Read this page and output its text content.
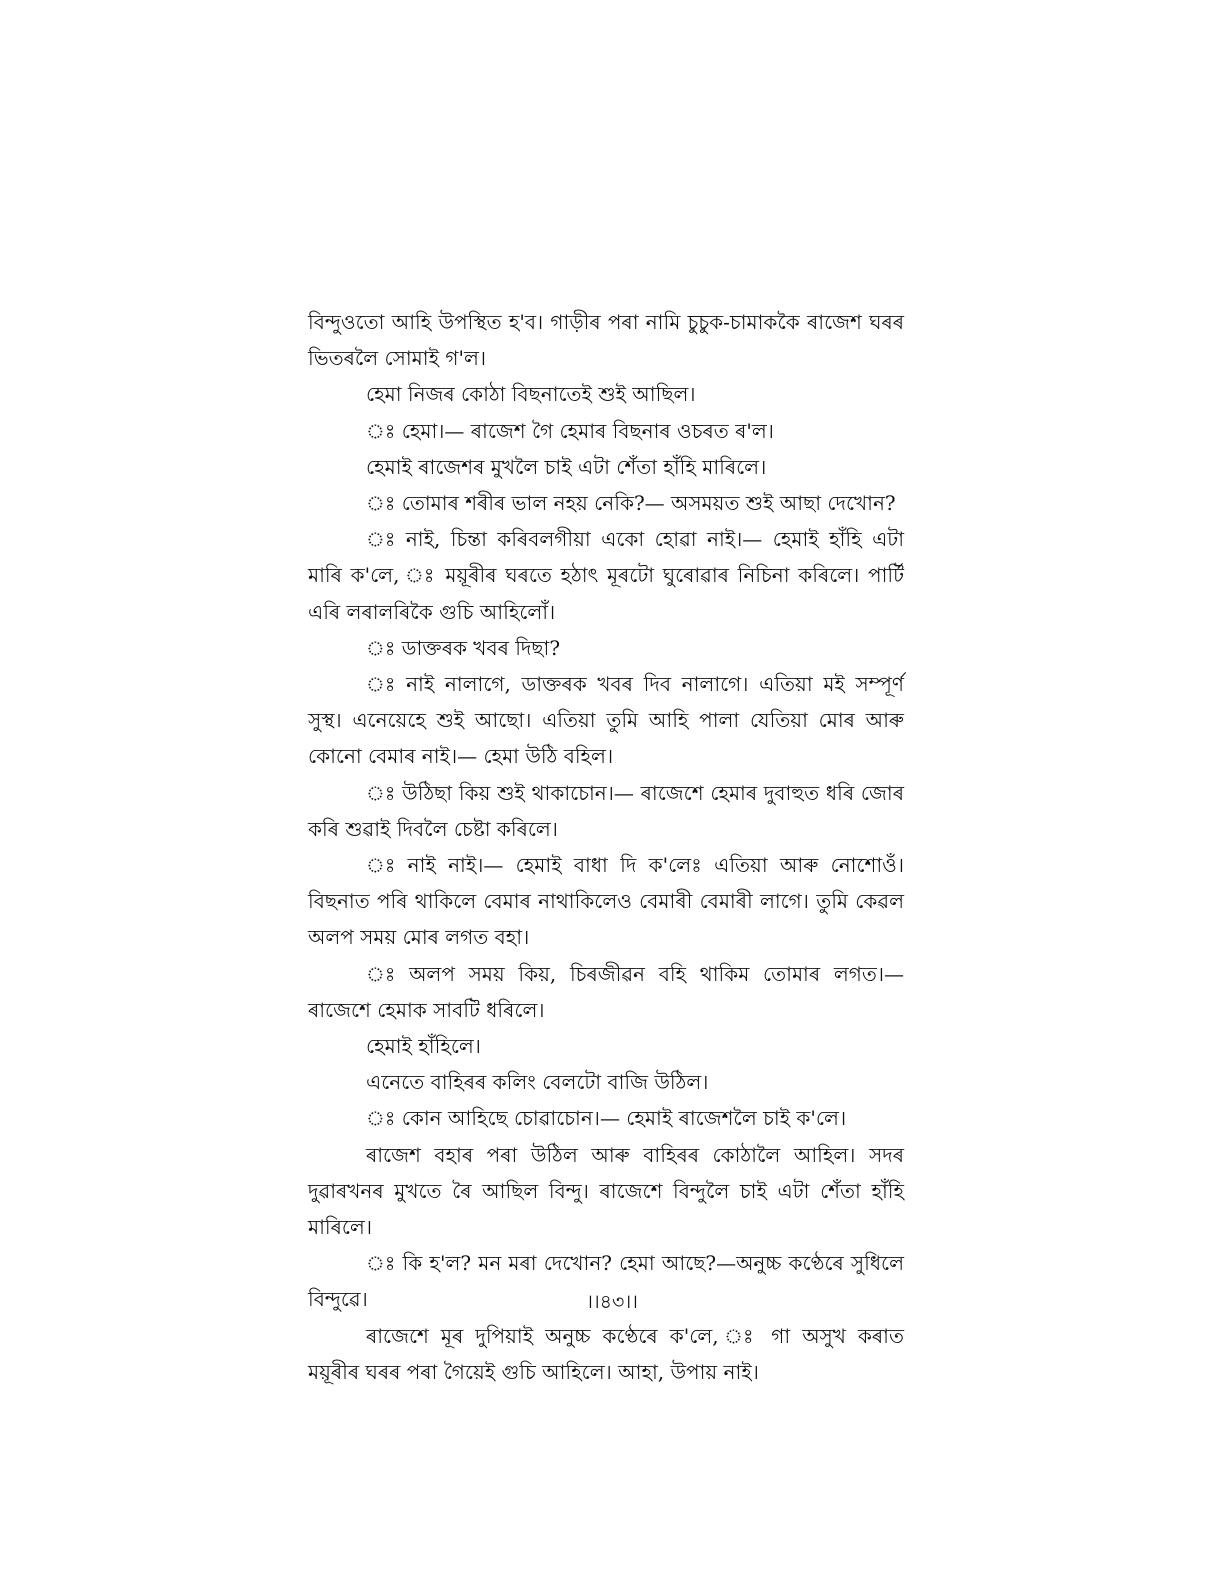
বিন্দুওতো আহি উপস্থিত হ'ব। গাড়ীৰ পৰা নামি চুচুক-চামাককৈ ৰাজেশ ঘৰৰ ভিতৰলৈ সোমাই গ'ল।

হেমা নিজৰ কোঠা বিছনাতেই শুই আছিল।

ঃ হেমা।— ৰাজেশ গৈ হেমাৰ বিছনাৰ ওচৰত ৰ'ল।

হেমাই ৰাজেশৰ মুখলৈ চাই এটা শেঁতা হাঁহি মাৰিলে।

ঃ তোমাৰ শৰীৰ ভাল নহয় নেকি?— অসময়ত শুই আছা দেখোন?

ঃ নাই, চিন্তা কৰিবলগীয়া একো হোৱা নাই।— হেমাই হাঁহি এটা মাৰি ক'লে, ঃ ময়ূৰীৰ ঘৰতে হঠাৎ মূৰটো ঘুৰোৱাৰ নিচিনা কৰিলে। পাৰ্টি এৰি লৰালৰিকৈ গুচি আহিলোঁ।

ঃ ডাক্তৰক খবৰ দিছা?

ঃ নাই নালাগে, ডাক্তৰক খবৰ দিব নালাগে। এতিয়া মই সম্পূৰ্ণ সুস্থ। এনেয়েহে শুই আছো। এতিয়া তুমি আহি পালা যেতিয়া মোৰ আৰু কোনো বেমাৰ নাই।— হেমা উঠি বহিল।

ঃ উঠিছা কিয় শুই থাকাচোন।— ৰাজেশে হেমাৰ দুবাহুত ধৰি জোৰ কৰি শুৱাই দিবলৈ চেষ্টা কৰিলে।

ঃ নাই নাই।— হেমাই বাধা দি ক'লেঃ এতিয়া আৰু নোশোওঁ। বিছনাত পৰি থাকিলে বেমাৰ নাথাকিলেও বেমাৰী বেমাৰী লাগে। তুমি কেৱল অলপ সময় মোৰ লগত বহা।

ঃ অলপ সময় কিয়, চিৰজীৱন বহি থাকিম তোমাৰ লগত।— ৰাজেশে হেমাক সাবটি ধৰিলে।

হেমাই হাঁহিলে।

এনেতে বাহিৰৰ কলিং বেলটো বাজি উঠিল।

ঃ কোন আহিছে চোৱাচোন।— হেমাই ৰাজেশলৈ চাই ক'লে।

ৰাজেশ বহাৰ পৰা উঠিল আৰু বাহিৰৰ কোঠালৈ আহিল। সদৰ দুৱাৰখনৰ মুখতে ৰৈ আছিল বিন্দু। ৰাজেশে বিন্দুলৈ চাই এটা শেঁতা হাঁহি মাৰিলে।

ঃ কি হ'ল? মন মৰা দেখোন? হেমা আছে?—অনুচ্চ কণ্ঠেৰে সুধিলে বিন্দুৱে।

ৰাজেশে মূৰ দুপিয়াই অনুচ্চ কণ্ঠেৰে ক'লে, ঃ গা অসুখ কৰাত ময়ূৰীৰ ঘৰৰ পৰা গৈয়েই গুচি আহিলে। আহা, উপায় নাই।

।।৪৩।।
